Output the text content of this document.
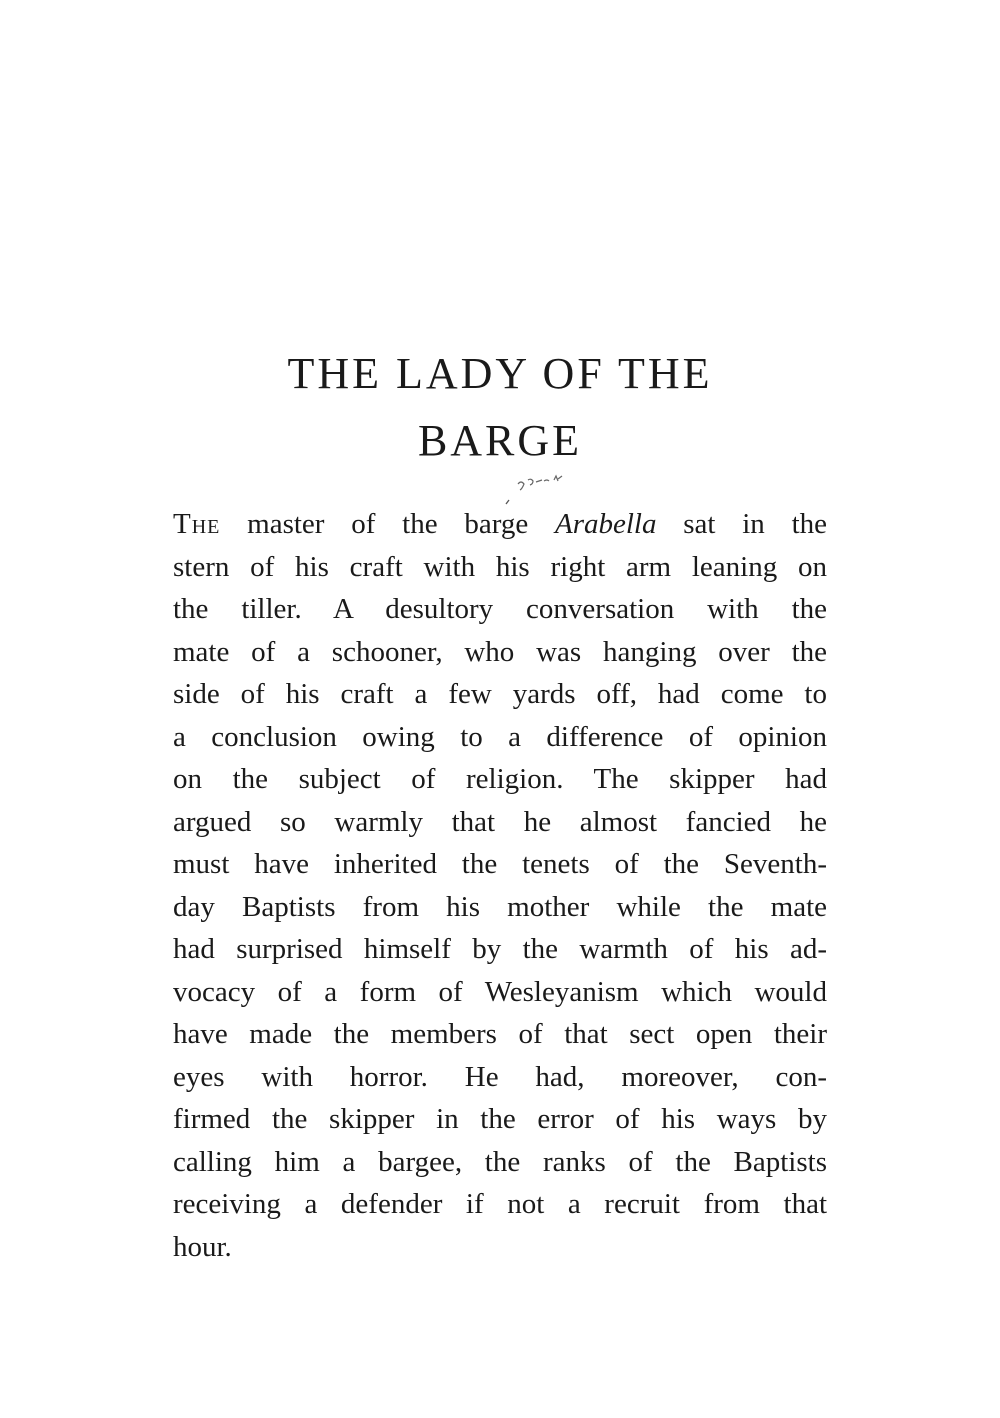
THE LADY OF THE
BARGE
The master of the barge Arabella sat in the
stern of his craft with his right arm leaning on
the tiller. A desultory conversation with the
mate of a schooner, who was hanging over the
side of his craft a few yards off, had come to
a conclusion owing to a difference of opinion
on the subject of religion. The skipper had
argued so warmly that he almost fancied he
must have inherited the tenets of the Seventh-
day Baptists from his mother while the mate
had surprised himself by the warmth of his ad-
vocacy of a form of Wesleyanism which would
have made the members of that sect open their
eyes with horror. He had, moreover, con-
firmed the skipper in the error of his ways by
calling him a bargee, the ranks of the Baptists
receiving a defender if not a recruit from that
hour.
